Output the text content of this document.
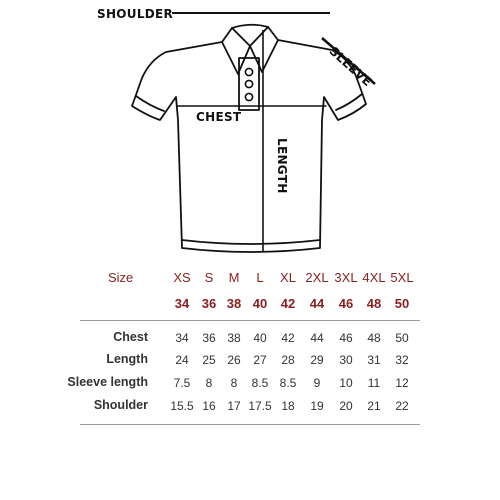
SHOULDER
SLEEVE
CHEST
LENGTH
Size	XS	S	M	L	XL 2XL 3XL 4XL 5XL
34 36 38 40	42	44	46	48	50
Chest	34	36 38	40	42	44	46	48	50
Length	24	25 26	27	28	29	30	31	32
Sleeve length	7.5	8	8	8.5 8.5	9	10	11	12
Shoulder 15.5 16 17 17.5 18	19	20	21	22
